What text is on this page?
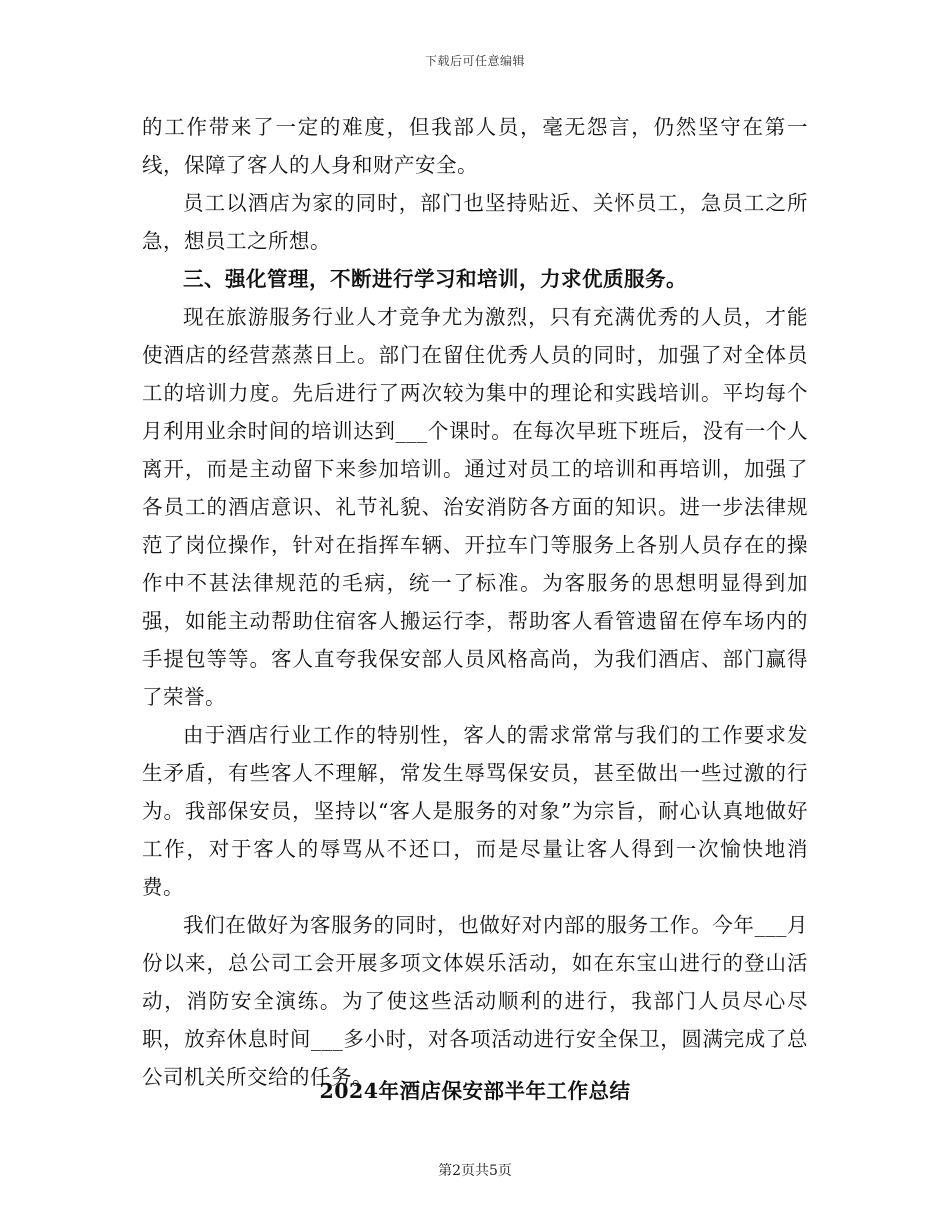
下载后可任意编辑

的工作带来了一定的难度，但我部人员，毫无怨言，仍然坚守在第一线，保障了客人的人身和财产安全。

员工以酒店为家的同时，部门也坚持贴近、关怀员工，急员工之所急，想员工之所想。

三、强化管理，不断进行学习和培训，力求优质服务。

现在旅游服务行业人才竞争尤为激烈，只有充满优秀的人员，才能使酒店的经营蒸蒸日上。部门在留住优秀人员的同时，加强了对全体员工的培训力度。先后进行了两次较为集中的理论和实践培训。平均每个月利用业余时间的培训达到___个课时。在每次早班下班后，没有一个人离开，而是主动留下来参加培训。通过对员工的培训和再培训，加强了各员工的酒店意识、礼节礼貌、治安消防各方面的知识。进一步法律规范了岗位操作，针对在指挥车辆、开拉车门等服务上各别人员存在的操作中不甚法律规范的毛病，统一了标准。为客服务的思想明显得到加强，如能主动帮助住宿客人搬运行李，帮助客人看管遗留在停车场内的手提包等等。客人直夸我保安部人员风格高尚，为我们酒店、部门赢得了荣誉。

由于酒店行业工作的特别性，客人的需求常常与我们的工作要求发生矛盾，有些客人不理解，常发生辱骂保安员，甚至做出一些过激的行为。我部保安员，坚持以“客人是服务的对象”为宗旨，耐心认真地做好工作，对于客人的辱骂从不还口，而是尽量让客人得到一次愉快地消费。

我们在做好为客服务的同时，也做好对内部的服务工作。今年___月份以来，总公司工会开展多项文体娱乐活动，如在东宝山进行的登山活动，消防安全演练。为了使这些活动顺利的进行，我部门人员尽心尽职，放弃休息时间___多小时，对各项活动进行安全保卫，圆满完成了总公司机关所交给的任务。

2024年酒店保安部半年工作总结
第2页共5页
